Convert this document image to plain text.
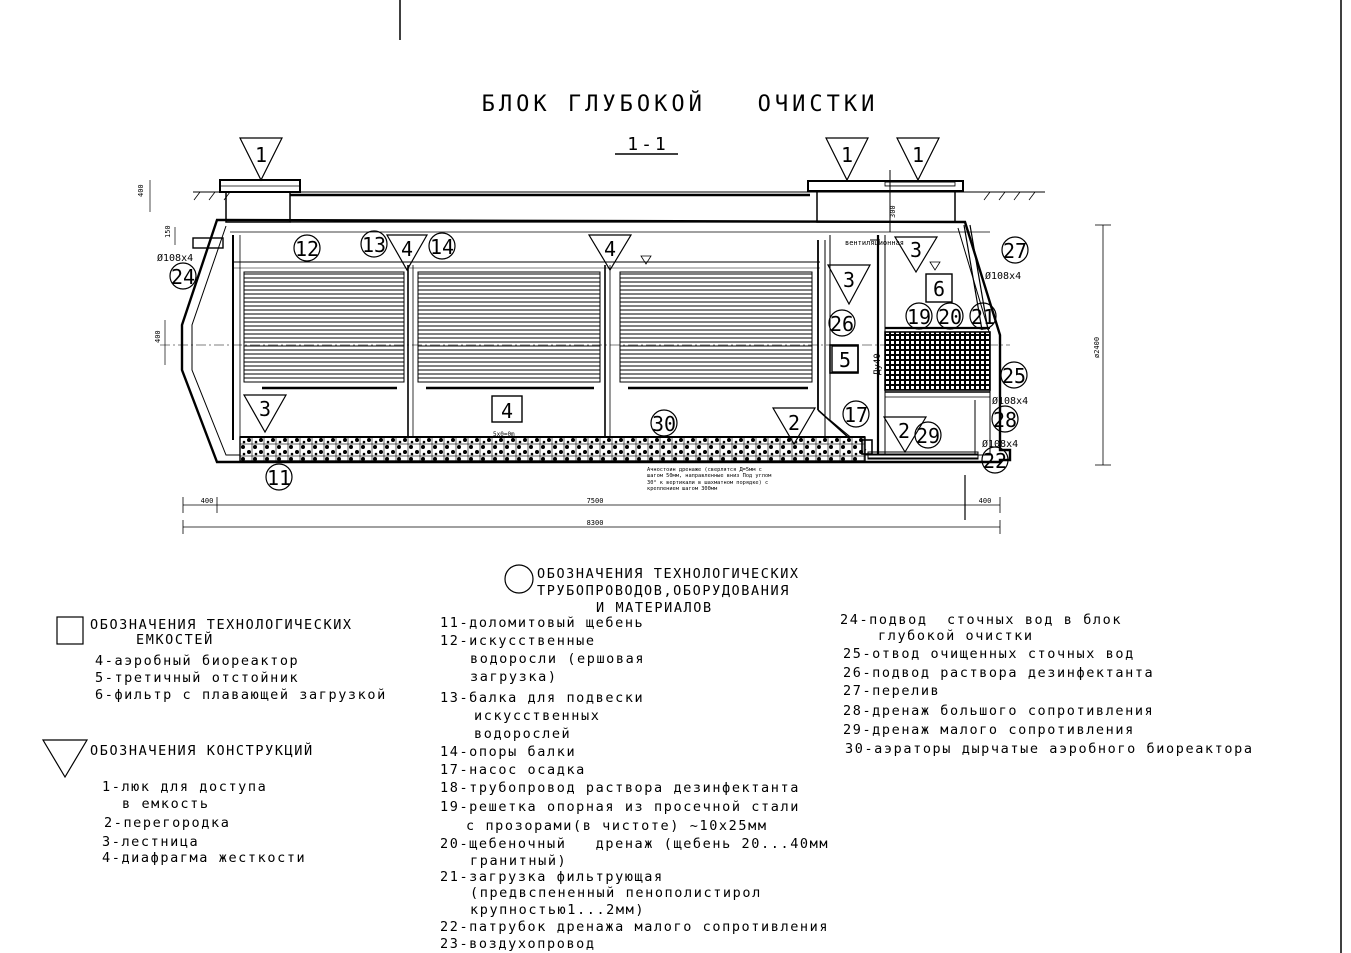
БЛОК ГЛУБОКОЙ   ОЧИСТКИ
1-1
400
150
400
Ø108x4
4
5
6
1	1	1
3
3
3
2	2
4	4
11
12 13 14
17
19 20 21
22
24
25
26
27
28
29
30
Ø108x4
Ø108x4
Ø108x4
Ду40
вентиляционная
300
5x0=0m
Ачностоин дренаже (сверлятся Д=5мм с шагом 50мм, направленные вниз Под углом 30° к вертикали в шахматном порядке) с креплением шагом 300мм
ø2400
400	7500	400
8300
ОБОЗНАЧЕНИЯ ТЕХНОЛОГИЧЕСКИХ
ЕМКОСТЕЙ
4-аэробный биореактор
5-третичный отстойник
6-фильтр с плавающей загрузкой
ОБОЗНАЧЕНИЯ КОНСТРУКЦИЙ
1-люк для доступа
в емкость
2-перегородка
3-лестница
4-диафрагма жесткости
ОБОЗНАЧЕНИЯ ТЕХНОЛОГИЧЕСКИХ
ТРУБОПРОВОДОВ,ОБОРУДОВАНИЯ
И МАТЕРИАЛОВ
11-доломитовый щебень
12-искусственные
водоросли (ершовая
загрузка)
13-балка для подвески
искусственных
водорослей
14-опоры балки
17-насос осадка
18-трубопровод раствора дезинфектанта
19-решетка опорная из просечной стали
с прозорами(в чистоте) ~10x25мм
20-щебеночный   дренаж (щебень 20...40мм
гранитный)
21-загрузка фильтрующая
(предвспененный пенополистирол
крупностью1...2мм)
22-патрубок дренажа малого сопротивления
23-воздухопровод
24-подвод  сточных вод в блок
глубокой очистки
25-отвод очищенных сточных вод
26-подвод раствора дезинфектанта
27-перелив
28-дренаж большого сопротивления
29-дренаж малого сопротивления
30-аэраторы дырчатые аэробного биореактора
